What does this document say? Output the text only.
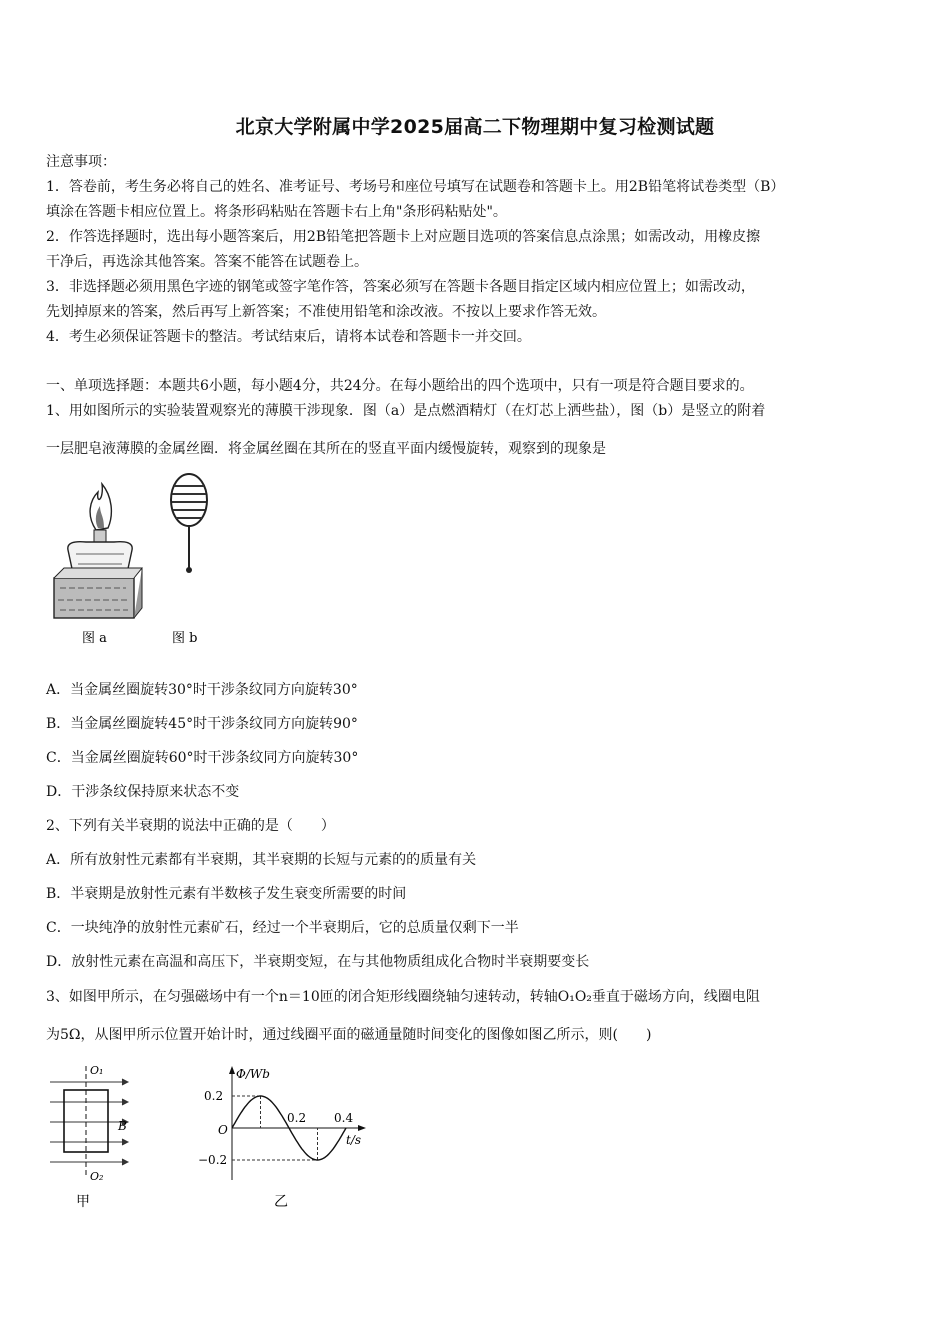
北京大学附属中学2025届高二下物理期中复习检测试题
注意事项：
1．答卷前，考生务必将自己的姓名、准考证号、考场号和座位号填写在试题卷和答题卡上。用2B铅笔将试卷类型（B）
填涂在答题卡相应位置上。将条形码粘贴在答题卡右上角"条形码粘贴处"。
2．作答选择题时，选出每小题答案后，用2B铅笔把答题卡上对应题目选项的答案信息点涂黑；如需改动，用橡皮擦
干净后，再选涂其他答案。答案不能答在试题卷上。
3．非选择题必须用黑色字迹的钢笔或签字笔作答，答案必须写在答题卡各题目指定区域内相应位置上；如需改动，
先划掉原来的答案，然后再写上新答案；不准使用铅笔和涂改液。不按以上要求作答无效。
4．考生必须保证答题卡的整洁。考试结束后，请将本试卷和答题卡一并交回。
一、单项选择题：本题共6小题，每小题4分，共24分。在每小题给出的四个选项中，只有一项是符合题目要求的。
1、用如图所示的实验装置观察光的薄膜干涉现象．图（a）是点燃酒精灯（在灯芯上洒些盐），图（b）是竖立的附着
一层肥皂液薄膜的金属丝圈．将金属丝圈在其所在的竖直平面内缓慢旋转，观察到的现象是
图 a	图 b
A．当金属丝圈旋转30°时干涉条纹同方向旋转30°
B．当金属丝圈旋转45°时干涉条纹同方向旋转90°
C．当金属丝圈旋转60°时干涉条纹同方向旋转30°
D．干涉条纹保持原来状态不变
2、下列有关半衰期的说法中正确的是（　　）
A．所有放射性元素都有半衰期，其半衰期的长短与元素的的质量有关
B．半衰期是放射性元素有半数核子发生衰变所需要的时间
C．一块纯净的放射性元素矿石，经过一个半衰期后，它的总质量仅剩下一半
D．放射性元素在高温和高压下，半衰期变短，在与其他物质组成化合物时半衰期要变长
3、如图甲所示，在匀强磁场中有一个n＝10匝的闭合矩形线圈绕轴匀速转动，转轴O₁O₂垂直于磁场方向，线圈电阻
为5Ω，从图甲所示位置开始计时，通过线圈平面的磁通量随时间变化的图像如图乙所示，则(　　)
O₁
O₂
B
甲
Φ/Wb
t/s
O
0.2
−0.2
0.2 0.4
乙
